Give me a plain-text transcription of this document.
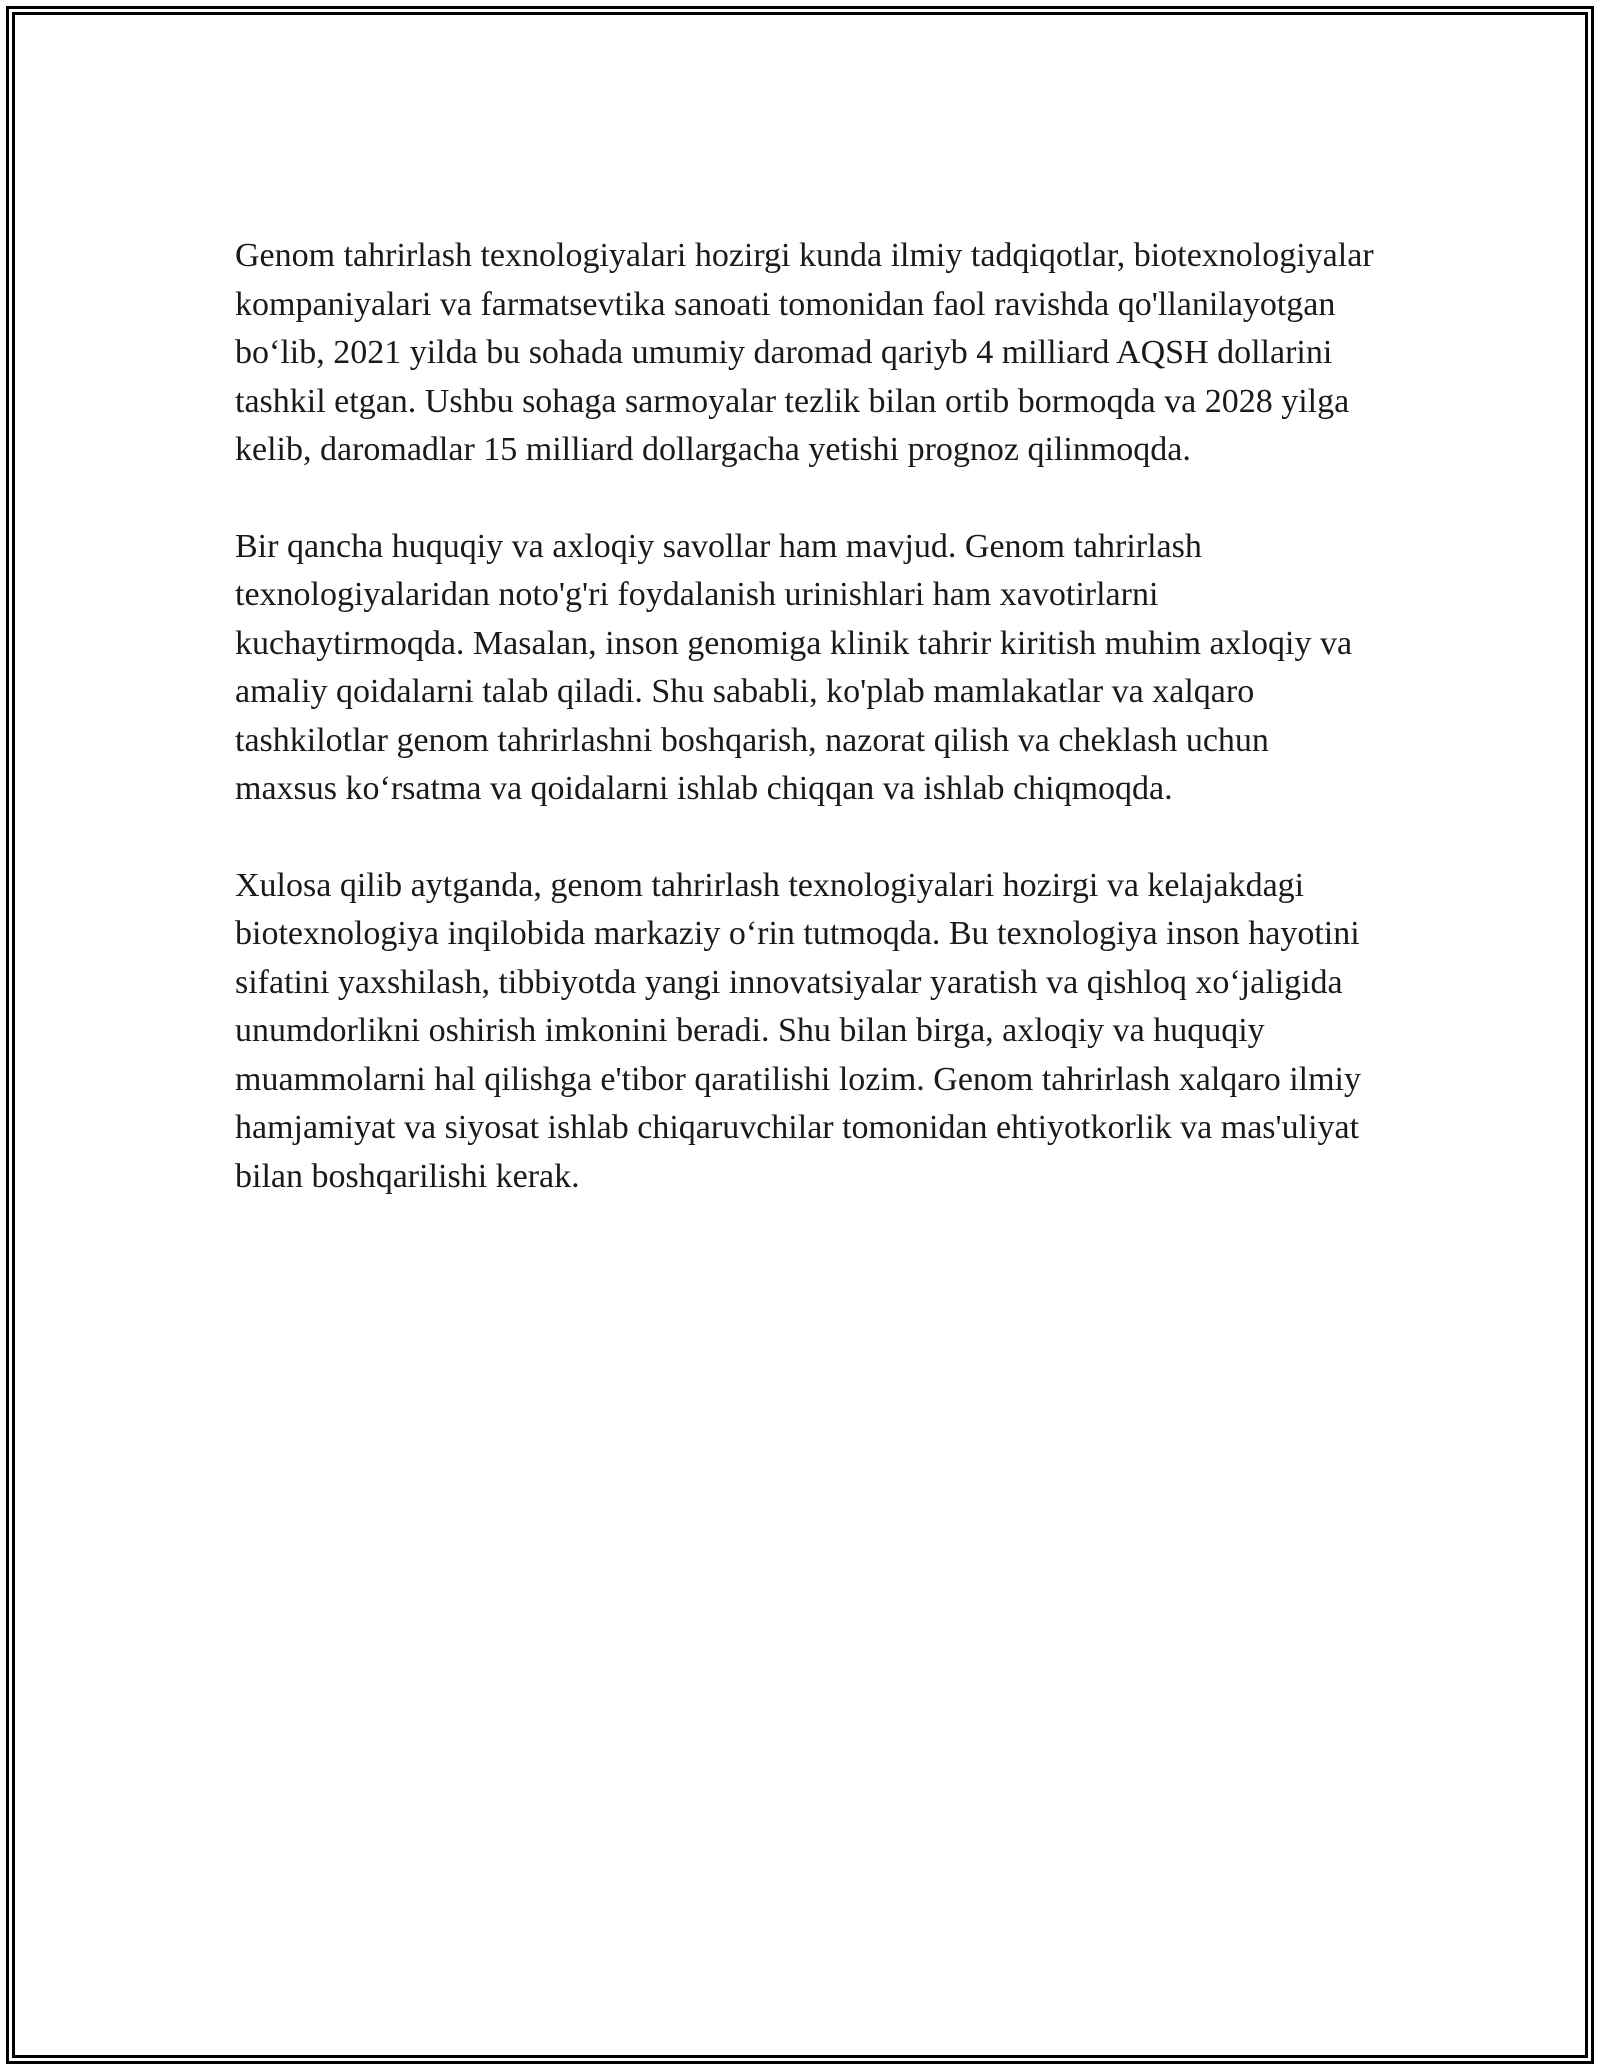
Genom tahrirlash texnologiyalari hozirgi kunda ilmiy tadqiqotlar, biotexnologiyalar kompaniyalari va farmatsevtika sanoati tomonidan faol ravishda qo'llanilayotgan bo‘lib, 2021 yilda bu sohada umumiy daromad qariyb 4 milliard AQSH dollarini tashkil etgan. Ushbu sohaga sarmoyalar tezlik bilan ortib bormoqda va 2028 yilga kelib, daromadlar 15 milliard dollargacha yetishi prognoz qilinmoqda.

Bir qancha huquqiy va axloqiy savollar ham mavjud. Genom tahrirlash texnologiyalaridan noto'g'ri foydalanish urinishlari ham xavotirlarni kuchaytirmoqda. Masalan, inson genomiga klinik tahrir kiritish muhim axloqiy va amaliy qoidalarni talab qiladi. Shu sababli, ko'plab mamlakatlar va xalqaro tashkilotlar genom tahrirlashni boshqarish, nazorat qilish va cheklash uchun maxsus ko‘rsatma va qoidalarni ishlab chiqqan va ishlab chiqmoqda.

Xulosa qilib aytganda, genom tahrirlash texnologiyalari hozirgi va kelajakdagi biotexnologiya inqilobida markaziy o‘rin tutmoqda. Bu texnologiya inson hayotini sifatini yaxshilash, tibbiyotda yangi innovatsiyalar yaratish va qishloq xo‘jaligida unumdorlikni oshirish imkonini beradi. Shu bilan birga, axloqiy va huquqiy muammolarni hal qilishga e'tibor qaratilishi lozim. Genom tahrirlash xalqaro ilmiy hamjamiyat va siyosat ishlab chiqaruvchilar tomonidan ehtiyotkorlik va mas'uliyat bilan boshqarilishi kerak.
